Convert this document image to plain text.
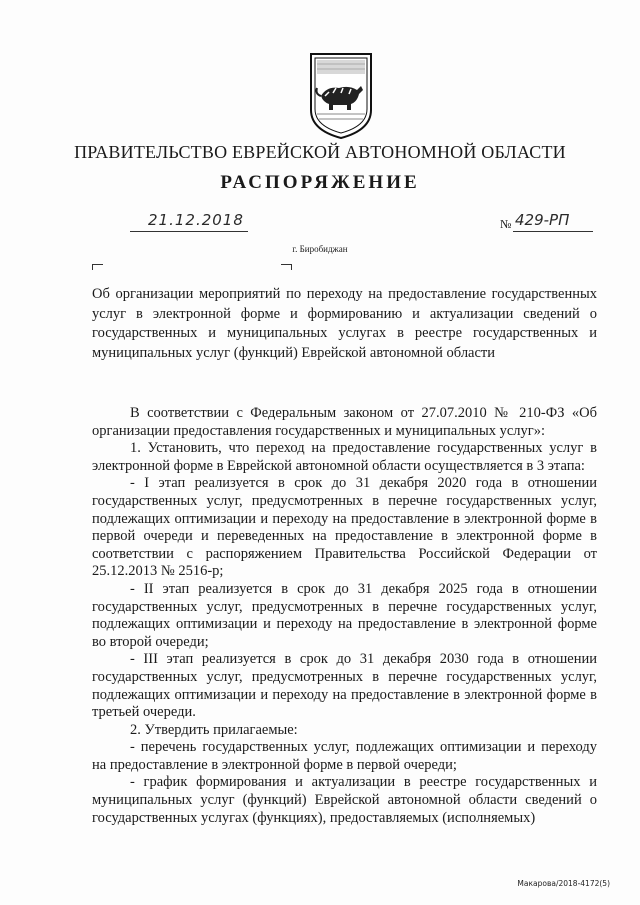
ПРАВИТЕЛЬСТВО ЕВРЕЙСКОЙ АВТОНОМНОЙ ОБЛАСТИ
РАСПОРЯЖЕНИЕ
21.12.2018	№ 429-РП
г. Биробиджан
Об организации мероприятий по переходу на предоставление государственных услуг в электронной форме и формированию и актуализации сведений о государственных и муниципальных услугах в реестре государственных и муниципальных услуг (функций) Еврейской автономной области

В соответствии с Федеральным законом от 27.07.2010 № 210-ФЗ «Об организации предоставления государственных и муниципальных услуг»:

1. Установить, что переход на предоставление государственных услуг в электронной форме в Еврейской автономной области осуществляется в 3 этапа:

- I этап реализуется в срок до 31 декабря 2020 года в отношении государственных услуг, предусмотренных в перечне государственных услуг, подлежащих оптимизации и переходу на предоставление в электронной форме в первой очереди и переведенных на предоставление в электронной форме в соответствии с распоряжением Правительства Российской Федерации от 25.12.2013 № 2516-р;

- II этап реализуется в срок до 31 декабря 2025 года в отношении государственных услуг, предусмотренных в перечне государственных услуг, подлежащих оптимизации и переходу на предоставление в электронной форме во второй очереди;

- III этап реализуется в срок до 31 декабря 2030 года в отношении государственных услуг, предусмотренных в перечне государственных услуг, подлежащих оптимизации и переходу на предоставление в электронной форме в третьей очереди.

2. Утвердить прилагаемые:

- перечень государственных услуг, подлежащих оптимизации и переходу на предоставление в электронной форме в первой очереди;

- график формирования и актуализации в реестре государственных и муниципальных услуг (функций) Еврейской автономной области сведений о государственных услугах (функциях), предоставляемых (исполняемых)

Макарова/2018-4172(5)
